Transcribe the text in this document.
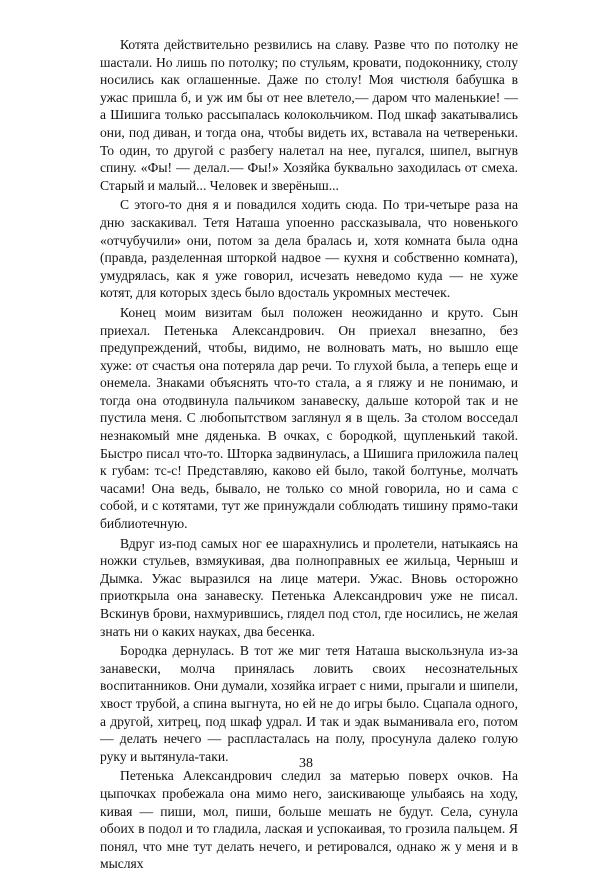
Котята действительно резвились на славу. Разве что по потолку не шастали. Но лишь по потолку; по стульям, кровати, подоконнику, столу носились как оглашенные. Даже по столу! Моя чистюля бабушка в ужас пришла б, и уж им бы от нее влетело,— даром что маленькие! — а Шишига только рассыпалась колокольчиком. Под шкаф закатывались они, под диван, и тогда она, чтобы видеть их, вставала на четвереньки. То один, то другой с разбегу налетал на нее, пугался, шипел, выгнув спину. «Фы! — делал.— Фы!» Хозяйка буквально заходилась от смеха. Старый и малый... Человек и зверёныш...

С этого-то дня я и повадился ходить сюда. По три-четыре раза на дню заскакивал. Тетя Наташа упоенно рассказывала, что новенького «отчубучили» они, потом за дела бралась и, хотя комната была одна (правда, разделенная шторкой надвое — кухня и собственно комната), умудрялась, как я уже говорил, исчезать неведомо куда — не хуже котят, для которых здесь было вдосталь укромных местечек.

Конец моим визитам был положен неожиданно и круто. Сын приехал. Петенька Александрович. Он приехал внезапно, без предупреждений, чтобы, видимо, не волновать мать, но вышло еще хуже: от счастья она потеряла дар речи. То глухой была, а теперь еще и онемела. Знаками объяснять что-то стала, а я гляжу и не понимаю, и тогда она отодвинула пальчиком занавеску, дальше которой так и не пустила меня. С любопытством заглянул я в щель. За столом восседал незнакомый мне дяденька. В очках, с бородкой, щупленький такой. Быстро писал что-то. Шторка задвинулась, а Шишига приложила палец к губам: тс-с! Представляю, каково ей было, такой болтунье, молчать часами! Она ведь, бывало, не только со мной говорила, но и сама с собой, и с котятами, тут же принуждали соблюдать тишину прямо-таки библиотечную.

Вдруг из-под самых ног ее шарахнулись и пролетели, натыкаясь на ножки стульев, взмяукивая, два полноправных ее жильца, Черныш и Дымка. Ужас выразился на лице матери. Ужас. Вновь осторожно приоткрыла она занавеску. Петенька Александрович уже не писал. Вскинув брови, нахмурившись, глядел под стол, где носились, не желая знать ни о каких науках, два бесенка.

Бородка дернулась. В тот же миг тетя Наташа выскользнула из-за занавески, молча принялась ловить своих несознательных воспитанников. Они думали, хозяйка играет с ними, прыгали и шипели, хвост трубой, а спина выгнута, но ей не до игры было. Сцапала одного, а другой, хитрец, под шкаф удрал. И так и эдак выманивала его, потом — делать нечего — распласталась на полу, просунула далеко голую руку и вытянула-таки.

Петенька Александрович следил за матерью поверх очков. На цыпочках пробежала она мимо него, заискивающе улыбаясь на ходу, кивая — пиши, мол, пиши, больше мешать не будут. Села, сунула обоих в подол и то гладила, лаская и успокаивая, то грозила пальцем. Я понял, что мне тут делать нечего, и ретировался, однако ж у меня и в мыслях

38
